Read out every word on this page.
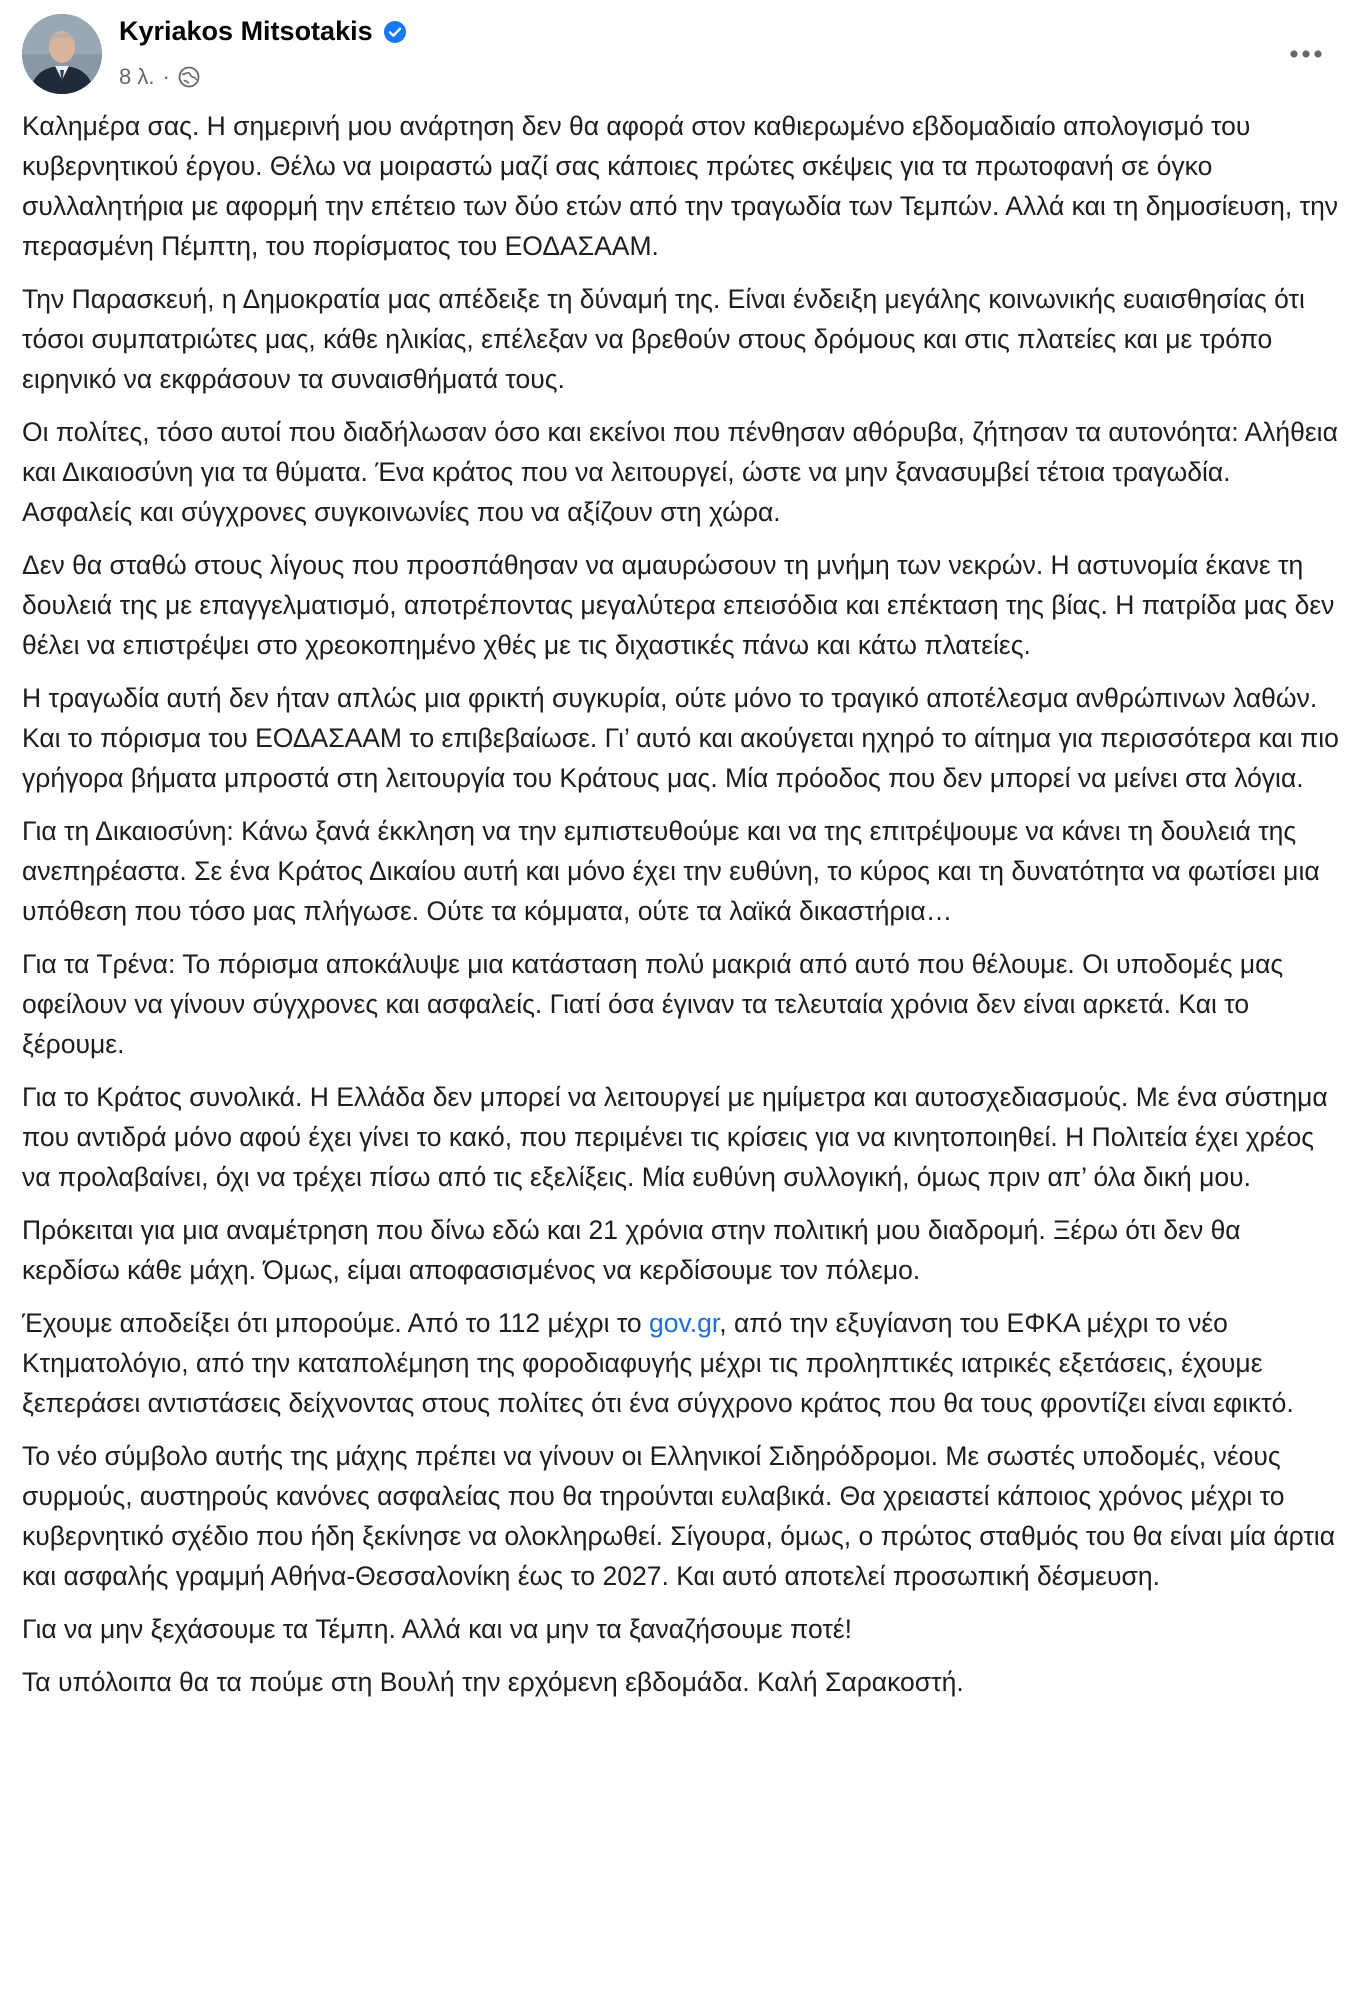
Kyriakos Mitsotakis
8 λ. ·

Καλημέρα σας. Η σημερινή μου ανάρτηση δεν θα αφορά στον καθιερωμένο εβδομαδιαίο απολογισμό του κυβερνητικού έργου. Θέλω να μοιραστώ μαζί σας κάποιες πρώτες σκέψεις για τα πρωτοφανή σε όγκο συλλαλητήρια με αφορμή την επέτειο των δύο ετών από την τραγωδία των Τεμπών. Αλλά και τη δημοσίευση, την περασμένη Πέμπτη, του πορίσματος του ΕΟΔΑΣΑΑΜ.

Την Παρασκευή, η Δημοκρατία μας απέδειξε τη δύναμή της. Είναι ένδειξη μεγάλης κοινωνικής ευαισθησίας ότι τόσοι συμπατριώτες μας, κάθε ηλικίας, επέλεξαν να βρεθούν στους δρόμους και στις πλατείες και με τρόπο ειρηνικό να εκφράσουν τα συναισθήματά τους.

Οι πολίτες, τόσο αυτοί που διαδήλωσαν όσο και εκείνοι που πένθησαν αθόρυβα, ζήτησαν τα αυτονόητα: Αλήθεια και Δικαιοσύνη για τα θύματα. Ένα κράτος που να λειτουργεί, ώστε να μην ξανασυμβεί τέτοια τραγωδία. Ασφαλείς και σύγχρονες συγκοινωνίες που να αξίζουν στη χώρα.

Δεν θα σταθώ στους λίγους που προσπάθησαν να αμαυρώσουν τη μνήμη των νεκρών. Η αστυνομία έκανε τη δουλειά της με επαγγελματισμό, αποτρέποντας μεγαλύτερα επεισόδια και επέκταση της βίας. Η πατρίδα μας δεν θέλει να επιστρέψει στο χρεοκοπημένο χθές με τις διχαστικές πάνω και κάτω πλατείες.

Η τραγωδία αυτή δεν ήταν απλώς μια φρικτή συγκυρία, ούτε μόνο το τραγικό αποτέλεσμα ανθρώπινων λαθών. Και το πόρισμα του ΕΟΔΑΣΑΑΜ το επιβεβαίωσε. Γι’ αυτό και ακούγεται ηχηρό το αίτημα για περισσότερα και πιο γρήγορα βήματα μπροστά στη λειτουργία του Κράτους μας. Μία πρόοδος που δεν μπορεί να μείνει στα λόγια.

Για τη Δικαιοσύνη: Κάνω ξανά έκκληση να την εμπιστευθούμε και να της επιτρέψουμε να κάνει τη δουλειά της ανεπηρέαστα. Σε ένα Κράτος Δικαίου αυτή και μόνο έχει την ευθύνη, το κύρος και τη δυνατότητα να φωτίσει μια υπόθεση που τόσο μας πλήγωσε. Ούτε τα κόμματα, ούτε τα λαϊκά δικαστήρια…

Για τα Τρένα: Το πόρισμα αποκάλυψε μια κατάσταση πολύ μακριά από αυτό που θέλουμε. Οι υποδομές μας οφείλουν να γίνουν σύγχρονες και ασφαλείς. Γιατί όσα έγιναν τα τελευταία χρόνια δεν είναι αρκετά. Και το ξέρουμε.

Για το Κράτος συνολικά. Η Ελλάδα δεν μπορεί να λειτουργεί με ημίμετρα και αυτοσχεδιασμούς. Με ένα σύστημα που αντιδρά μόνο αφού έχει γίνει το κακό, που περιμένει τις κρίσεις για να κινητοποιηθεί. Η Πολιτεία έχει χρέος να προλαβαίνει, όχι να τρέχει πίσω από τις εξελίξεις. Μία ευθύνη συλλογική, όμως πριν απ’ όλα δική μου.

Πρόκειται για μια αναμέτρηση που δίνω εδώ και 21 χρόνια στην πολιτική μου διαδρομή. Ξέρω ότι δεν θα κερδίσω κάθε μάχη. Όμως, είμαι αποφασισμένος να κερδίσουμε τον πόλεμο.

Έχουμε αποδείξει ότι μπορούμε. Από το 112 μέχρι το gov.gr, από την εξυγίανση του ΕΦΚΑ μέχρι το νέο Κτηματολόγιο, από την καταπολέμηση της φοροδιαφυγής μέχρι τις προληπτικές ιατρικές εξετάσεις, έχουμε ξεπεράσει αντιστάσεις δείχνοντας στους πολίτες ότι ένα σύγχρονο κράτος που θα τους φροντίζει είναι εφικτό.

Το νέο σύμβολο αυτής της μάχης πρέπει να γίνουν οι Ελληνικοί Σιδηρόδρομοι. Με σωστές υποδομές, νέους συρμούς, αυστηρούς κανόνες ασφαλείας που θα τηρούνται ευλαβικά. Θα χρειαστεί κάποιος χρόνος μέχρι το κυβερνητικό σχέδιο που ήδη ξεκίνησε να ολοκληρωθεί. Σίγουρα, όμως, ο πρώτος σταθμός του θα είναι μία άρτια και ασφαλής γραμμή Αθήνα-Θεσσαλονίκη έως το 2027. Και αυτό αποτελεί προσωπική δέσμευση.

Για να μην ξεχάσουμε τα Τέμπη. Αλλά και να μην τα ξαναζήσουμε ποτέ!

Τα υπόλοιπα θα τα πούμε στη Βουλή την ερχόμενη εβδομάδα. Καλή Σαρακοστή.
